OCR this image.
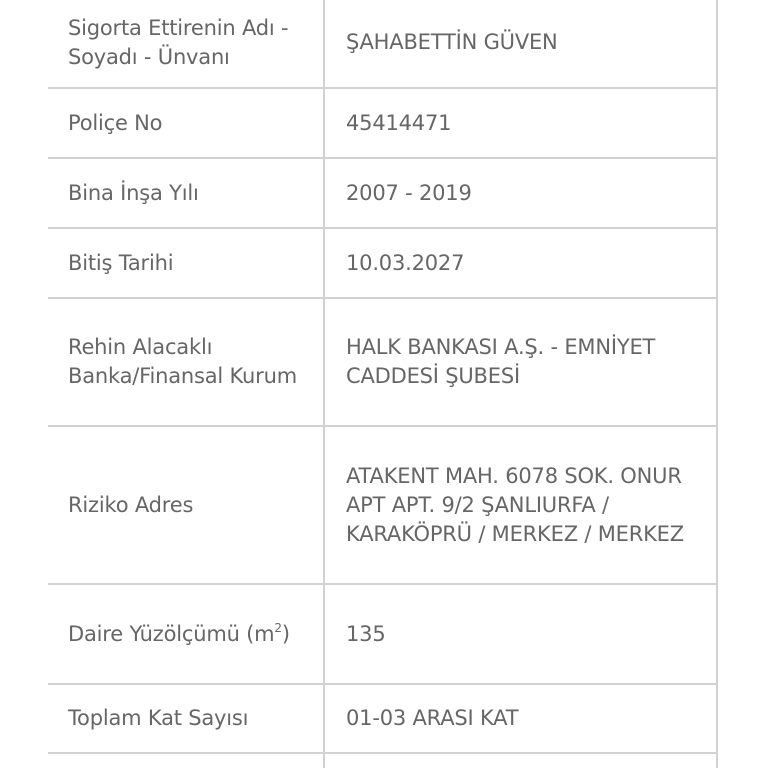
Sigorta Ettirenin Adı - Soyadı - Ünvanı	ŞAHABETTİN GÜVEN

Poliçe No	45414471

Bina İnşa Yılı	2007 - 2019

Bitiş Tarihi	10.03.2027

Rehin Alacaklı Banka/Finansal Kurum	HALK BANKASI A.Ş. - EMNİYET CADDESİ ŞUBESİ

Riziko Adres	ATAKENT MAH. 6078 SOK. ONUR APT APT. 9/2 ŞANLIURFA / KARAKÖPRÜ / MERKEZ / MERKEZ

Daire Yüzölçümü $(m^2)$	135

Toplam Kat Sayısı	01-03 ARASI KAT
